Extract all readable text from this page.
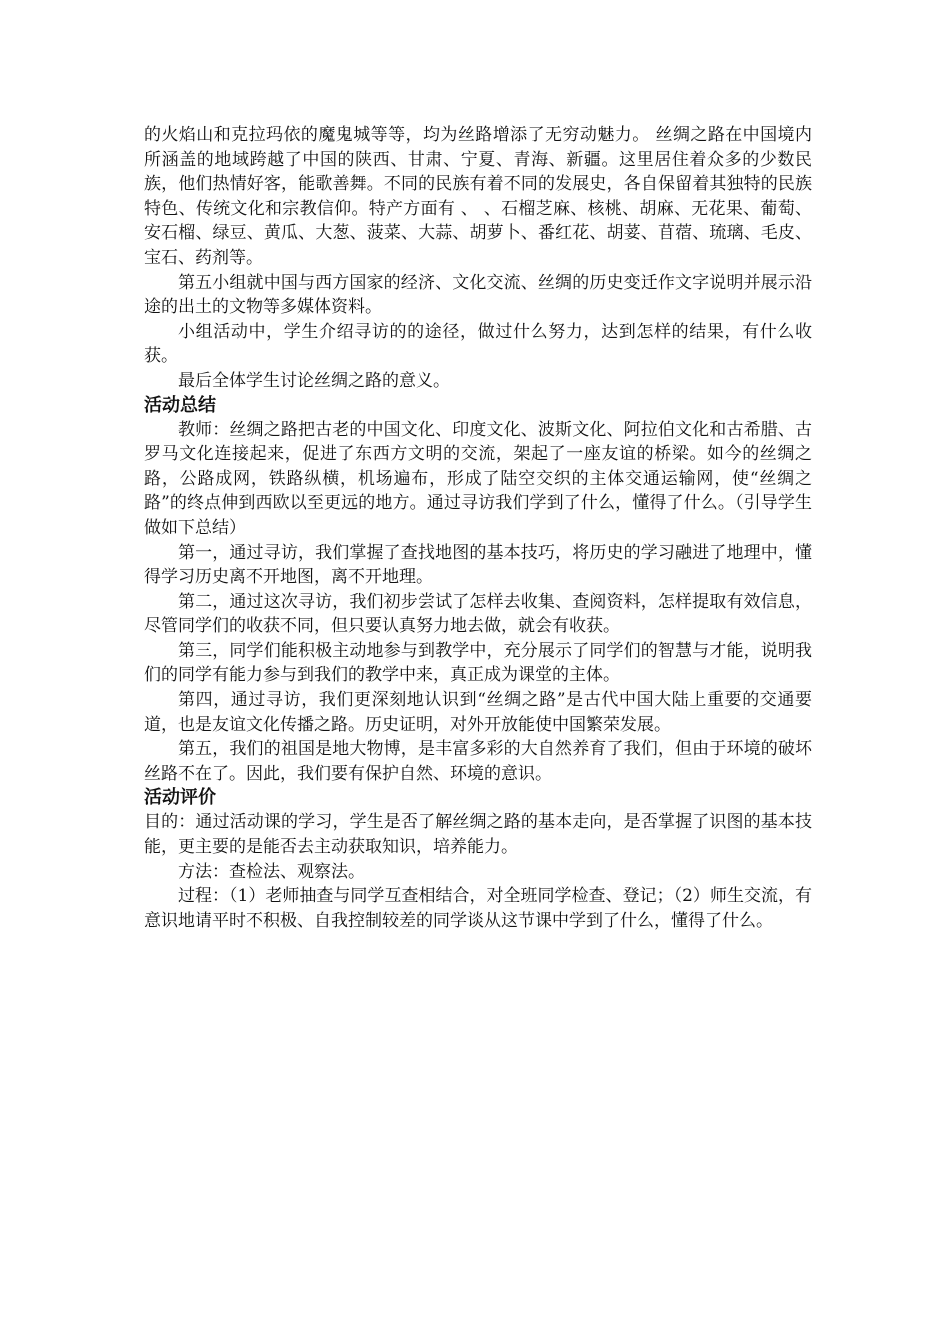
的火焰山和克拉玛依的魔鬼城等等，均为丝路增添了无穷动魅力。 丝绸之路在中国境内所涵盖的地域跨越了中国的陕西、甘肃、宁夏、青海、新疆。这里居住着众多的少数民族，他们热情好客，能歌善舞。不同的民族有着不同的发展史，各自保留着其独特的民族特色、传统文化和宗教信仰。特产方面有 、 、石榴芝麻、核桃、胡麻、无花果、葡萄、安石榴、绿豆、黄瓜、大葱、菠菜、大蒜、胡萝卜、番红花、胡荽、苜蓿、琉璃、毛皮、宝石、药剂等。

第五小组就中国与西方国家的经济、文化交流、丝绸的历史变迁作文字说明并展示沿途的出土的文物等多媒体资料。

小组活动中，学生介绍寻访的的途径，做过什么努力，达到怎样的结果，有什么收获。

最后全体学生讨论丝绸之路的意义。

活动总结

教师：丝绸之路把古老的中国文化、印度文化、波斯文化、阿拉伯文化和古希腊、古罗马文化连接起来，促进了东西方文明的交流，架起了一座友谊的桥梁。如今的丝绸之路，公路成网，铁路纵横，机场遍布，形成了陆空交织的主体交通运输网，使“丝绸之路”的终点伸到西欧以至更远的地方。通过寻访我们学到了什么，懂得了什么。（引导学生做如下总结）

第一，通过寻访，我们掌握了查找地图的基本技巧，将历史的学习融进了地理中，懂得学习历史离不开地图，离不开地理。

第二，通过这次寻访，我们初步尝试了怎样去收集、查阅资料，怎样提取有效信息，尽管同学们的收获不同，但只要认真努力地去做，就会有收获。

第三，同学们能积极主动地参与到教学中，充分展示了同学们的智慧与才能，说明我们的同学有能力参与到我们的教学中来，真正成为课堂的主体。

第四，通过寻访，我们更深刻地认识到“丝绸之路”是古代中国大陆上重要的交通要道，也是友谊文化传播之路。历史证明，对外开放能使中国繁荣发展。

第五，我们的祖国是地大物博，是丰富多彩的大自然养育了我们，但由于环境的破坏丝路不在了。因此，我们要有保护自然、环境的意识。

活动评价

目的：通过活动课的学习，学生是否了解丝绸之路的基本走向，是否掌握了识图的基本技能，更主要的是能否去主动获取知识，培养能力。

方法：查检法、观察法。

过程：（1）老师抽查与同学互查相结合，对全班同学检查、登记；（2）师生交流，有意识地请平时不积极、自我控制较差的同学谈从这节课中学到了什么，懂得了什么。
